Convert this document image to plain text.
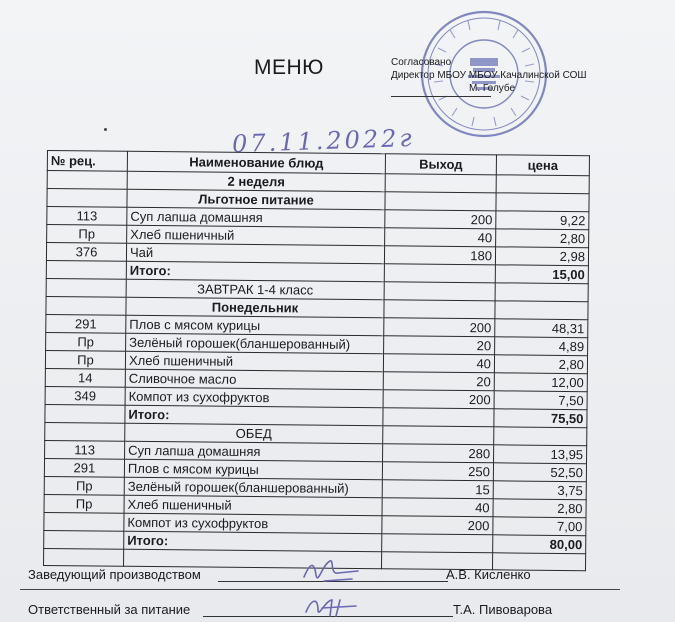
МЕНЮ	Согласовано
Директор МБОУ МБОУ Качалинской СОШ
М. Голубе
07.11.2022г
№ рец.	Наименование блюд	Выход	цена
	2 неделя		
	Льготное питание		
113	Суп лапша домашняя	200	9,22
Пр	Хлеб пшеничный	40	2,80
376	Чай	180	2,98
	Итого:		15,00
	ЗАВТРАК 1-4 класс		
	Понедельник		
291	Плов с мясом курицы	200	48,31
Пр	Зелёный горошек(бланшерованный)	20	4,89
Пр	Хлеб пшеничный	40	2,80
14	Сливочное масло	20	12,00
349	Компот из сухофруктов	200	7,50
	Итого:		75,50
	ОБЕД		
113	Суп лапша домашняя	280	13,95
291	Плов с мясом курицы	250	52,50
Пр	Зелёный горошек(бланшерованный)	15	3,75
Пр	Хлеб пшеничный	40	2,80
	Компот из сухофруктов	200	7,00
	Итого:		80,00

Заведующий производством	А.В. Кисленко
Ответственный за питание	Т.А. Пивоварова
